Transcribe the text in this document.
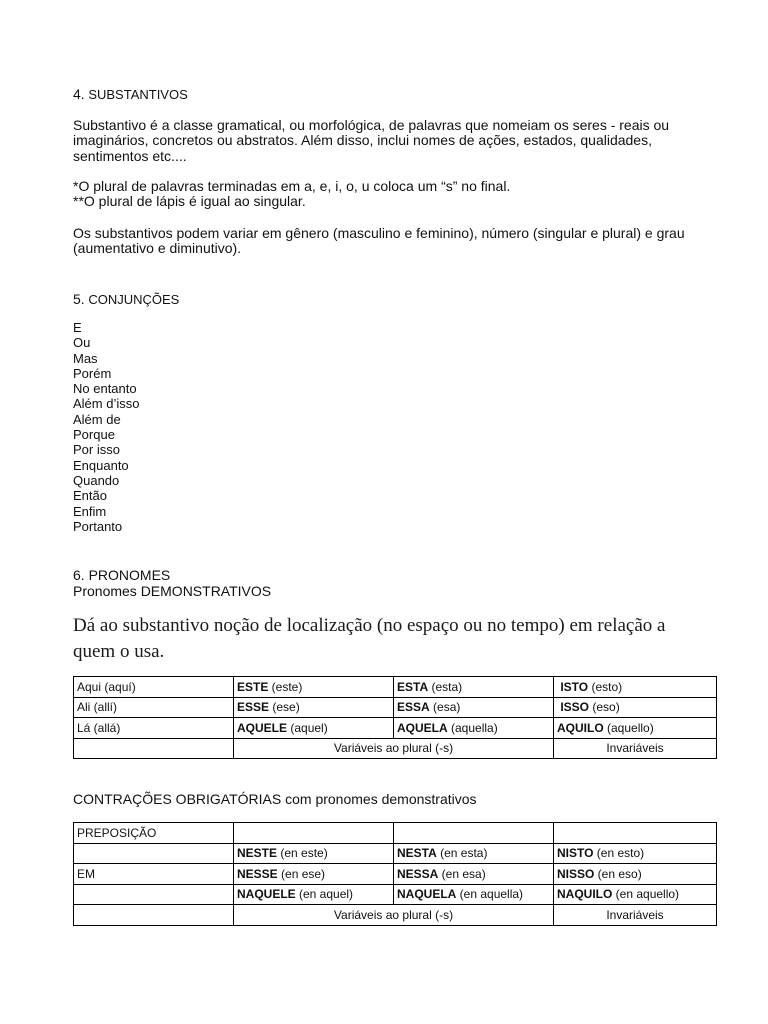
4. SUBSTANTIVOS
Substantivo é a classe gramatical, ou morfológica, de palavras que nomeiam os seres - reais ou imaginários, concretos ou abstratos. Além disso, inclui nomes de ações, estados, qualidades, sentimentos etc....
*O plural de palavras terminadas em a, e, i, o, u coloca um “s” no final.
**O plural de lápis é igual ao singular.
Os substantivos podem variar em gênero (masculino e feminino), número (singular e plural) e grau (aumentativo e diminutivo).
5. CONJUNÇÕES
E
Ou
Mas
Porém
No entanto
Além d’isso
Além de
Porque
Por isso
Enquanto
Quando
Então
Enfim
Portanto
6. PRONOMES
Pronomes DEMONSTRATIVOS
Dá ao substantivo noção de localização (no espaço ou no tempo) em relação a quem o usa.
Aqui (aquí)	ESTE (este)	ESTA (esta)	ISTO (esto)
Ali (allí)	ESSE (ese)	ESSA (esa)	ISSO (eso)
Lá (allá)	AQUELE (aquel)	AQUELA (aquella)	AQUILO (aquello)
	Variáveis ao plural (-s)		Invariáveis
CONTRAÇÕES OBRIGATÓRIAS com pronomes demonstrativos
PREPOSIÇÃO			
	NESTE (en este)	NESTA (en esta)	NISTO (en esto)
EM	NESSE (en ese)	NESSA (en esa)	NISSO (en eso)
	NAQUELE (en aquel)	NAQUELA (en aquella)	NAQUILO (en aquello)
	Variáveis ao plural (-s)		Invariáveis
